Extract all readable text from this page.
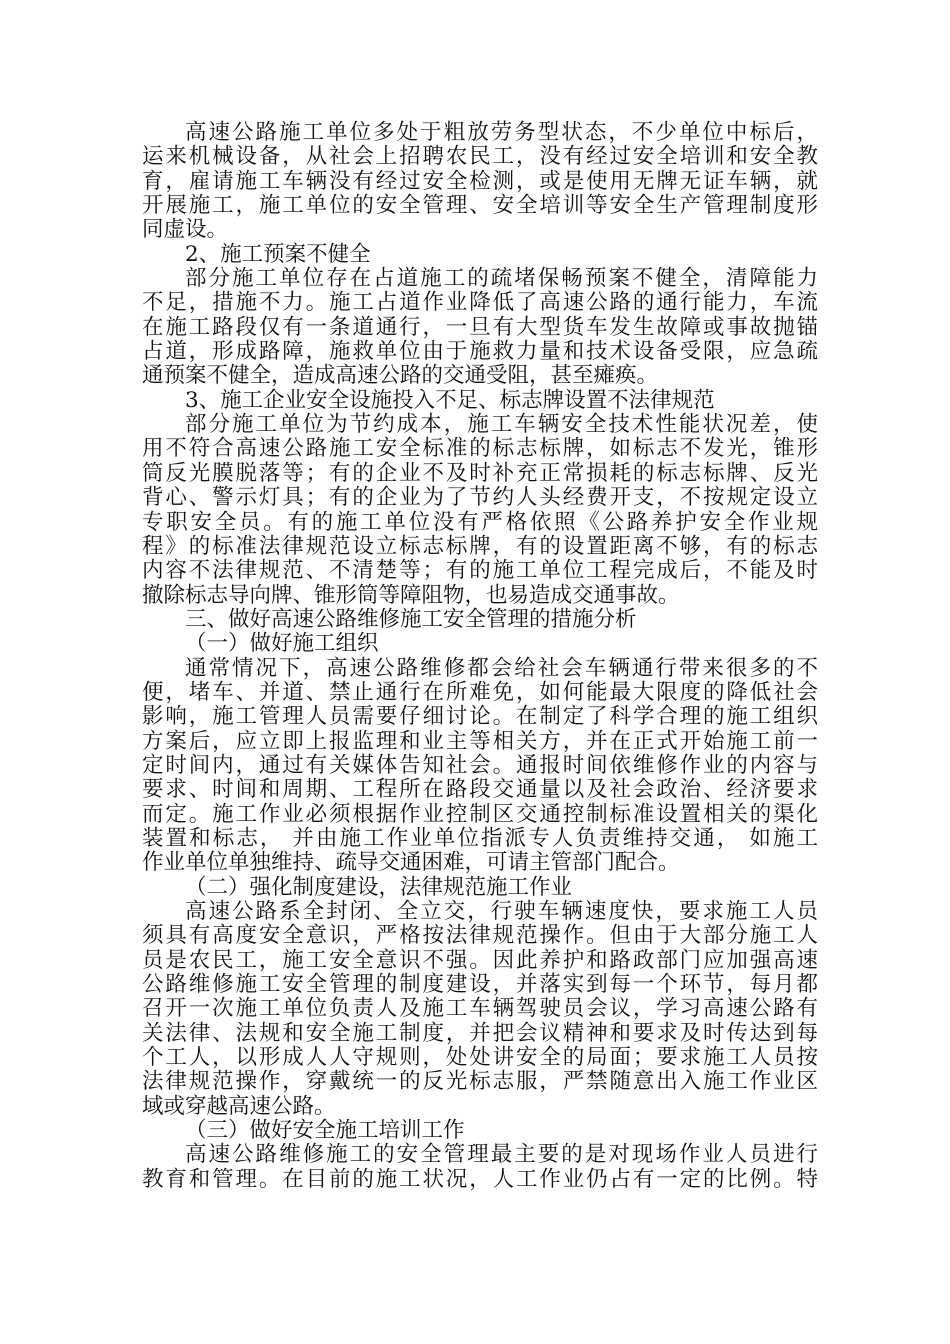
高速公路施工单位多处于粗放劳务型状态，不少单位中标后，
运来机械设备，从社会上招聘农民工，没有经过安全培训和安全教
育，雇请施工车辆没有经过安全检测，或是使用无牌无证车辆，就
开展施工，施工单位的安全管理、安全培训等安全生产管理制度形
同虚设。
2、施工预案不健全
部分施工单位存在占道施工的疏堵保畅预案不健全，清障能力
不足，措施不力。施工占道作业降低了高速公路的通行能力，车流
在施工路段仅有一条道通行，一旦有大型货车发生故障或事故抛锚
占道，形成路障，施救单位由于施救力量和技术设备受限，应急疏
通预案不健全，造成高速公路的交通受阻，甚至瘫痪。
3、施工企业安全设施投入不足、标志牌设置不法律规范
部分施工单位为节约成本，施工车辆安全技术性能状况差，使
用不符合高速公路施工安全标准的标志标牌，如标志不发光，锥形
筒反光膜脱落等；有的企业不及时补充正常损耗的标志标牌、反光
背心、警示灯具；有的企业为了节约人头经费开支，不按规定设立
专职安全员。有的施工单位没有严格依照《公路养护安全作业规
程》的标准法律规范设立标志标牌，有的设置距离不够，有的标志
内容不法律规范、不清楚等；有的施工单位工程完成后，不能及时
撤除标志导向牌、锥形筒等障阻物，也易造成交通事故。
三、做好高速公路维修施工安全管理的措施分析
（一）做好施工组织
通常情况下，高速公路维修都会给社会车辆通行带来很多的不
便，堵车、并道、禁止通行在所难免，如何能最大限度的降低社会
影响，施工管理人员需要仔细讨论。在制定了科学合理的施工组织
方案后，应立即上报监理和业主等相关方，并在正式开始施工前一
定时间内，通过有关媒体告知社会。通报时间依维修作业的内容与
要求、时间和周期、工程所在路段交通量以及社会政治、经济要求
而定。施工作业必须根据作业控制区交通控制标准设置相关的渠化
装置和标志， 并由施工作业单位指派专人负责维持交通， 如施工
作业单位单独维持、疏导交通困难，可请主管部门配合。
（二）强化制度建设，法律规范施工作业
高速公路系全封闭、全立交，行驶车辆速度快，要求施工人员
须具有高度安全意识，严格按法律规范操作。但由于大部分施工人
员是农民工，施工安全意识不强。因此养护和路政部门应加强高速
公路维修施工安全管理的制度建设，并落实到每一个环节，每月都
召开一次施工单位负责人及施工车辆驾驶员会议，学习高速公路有
关法律、法规和安全施工制度，并把会议精神和要求及时传达到每
个工人，以形成人人守规则，处处讲安全的局面；要求施工人员按
法律规范操作，穿戴统一的反光标志服，严禁随意出入施工作业区
域或穿越高速公路。
（三）做好安全施工培训工作
高速公路维修施工的安全管理最主要的是对现场作业人员进行
教育和管理。在目前的施工状况，人工作业仍占有一定的比例。特
